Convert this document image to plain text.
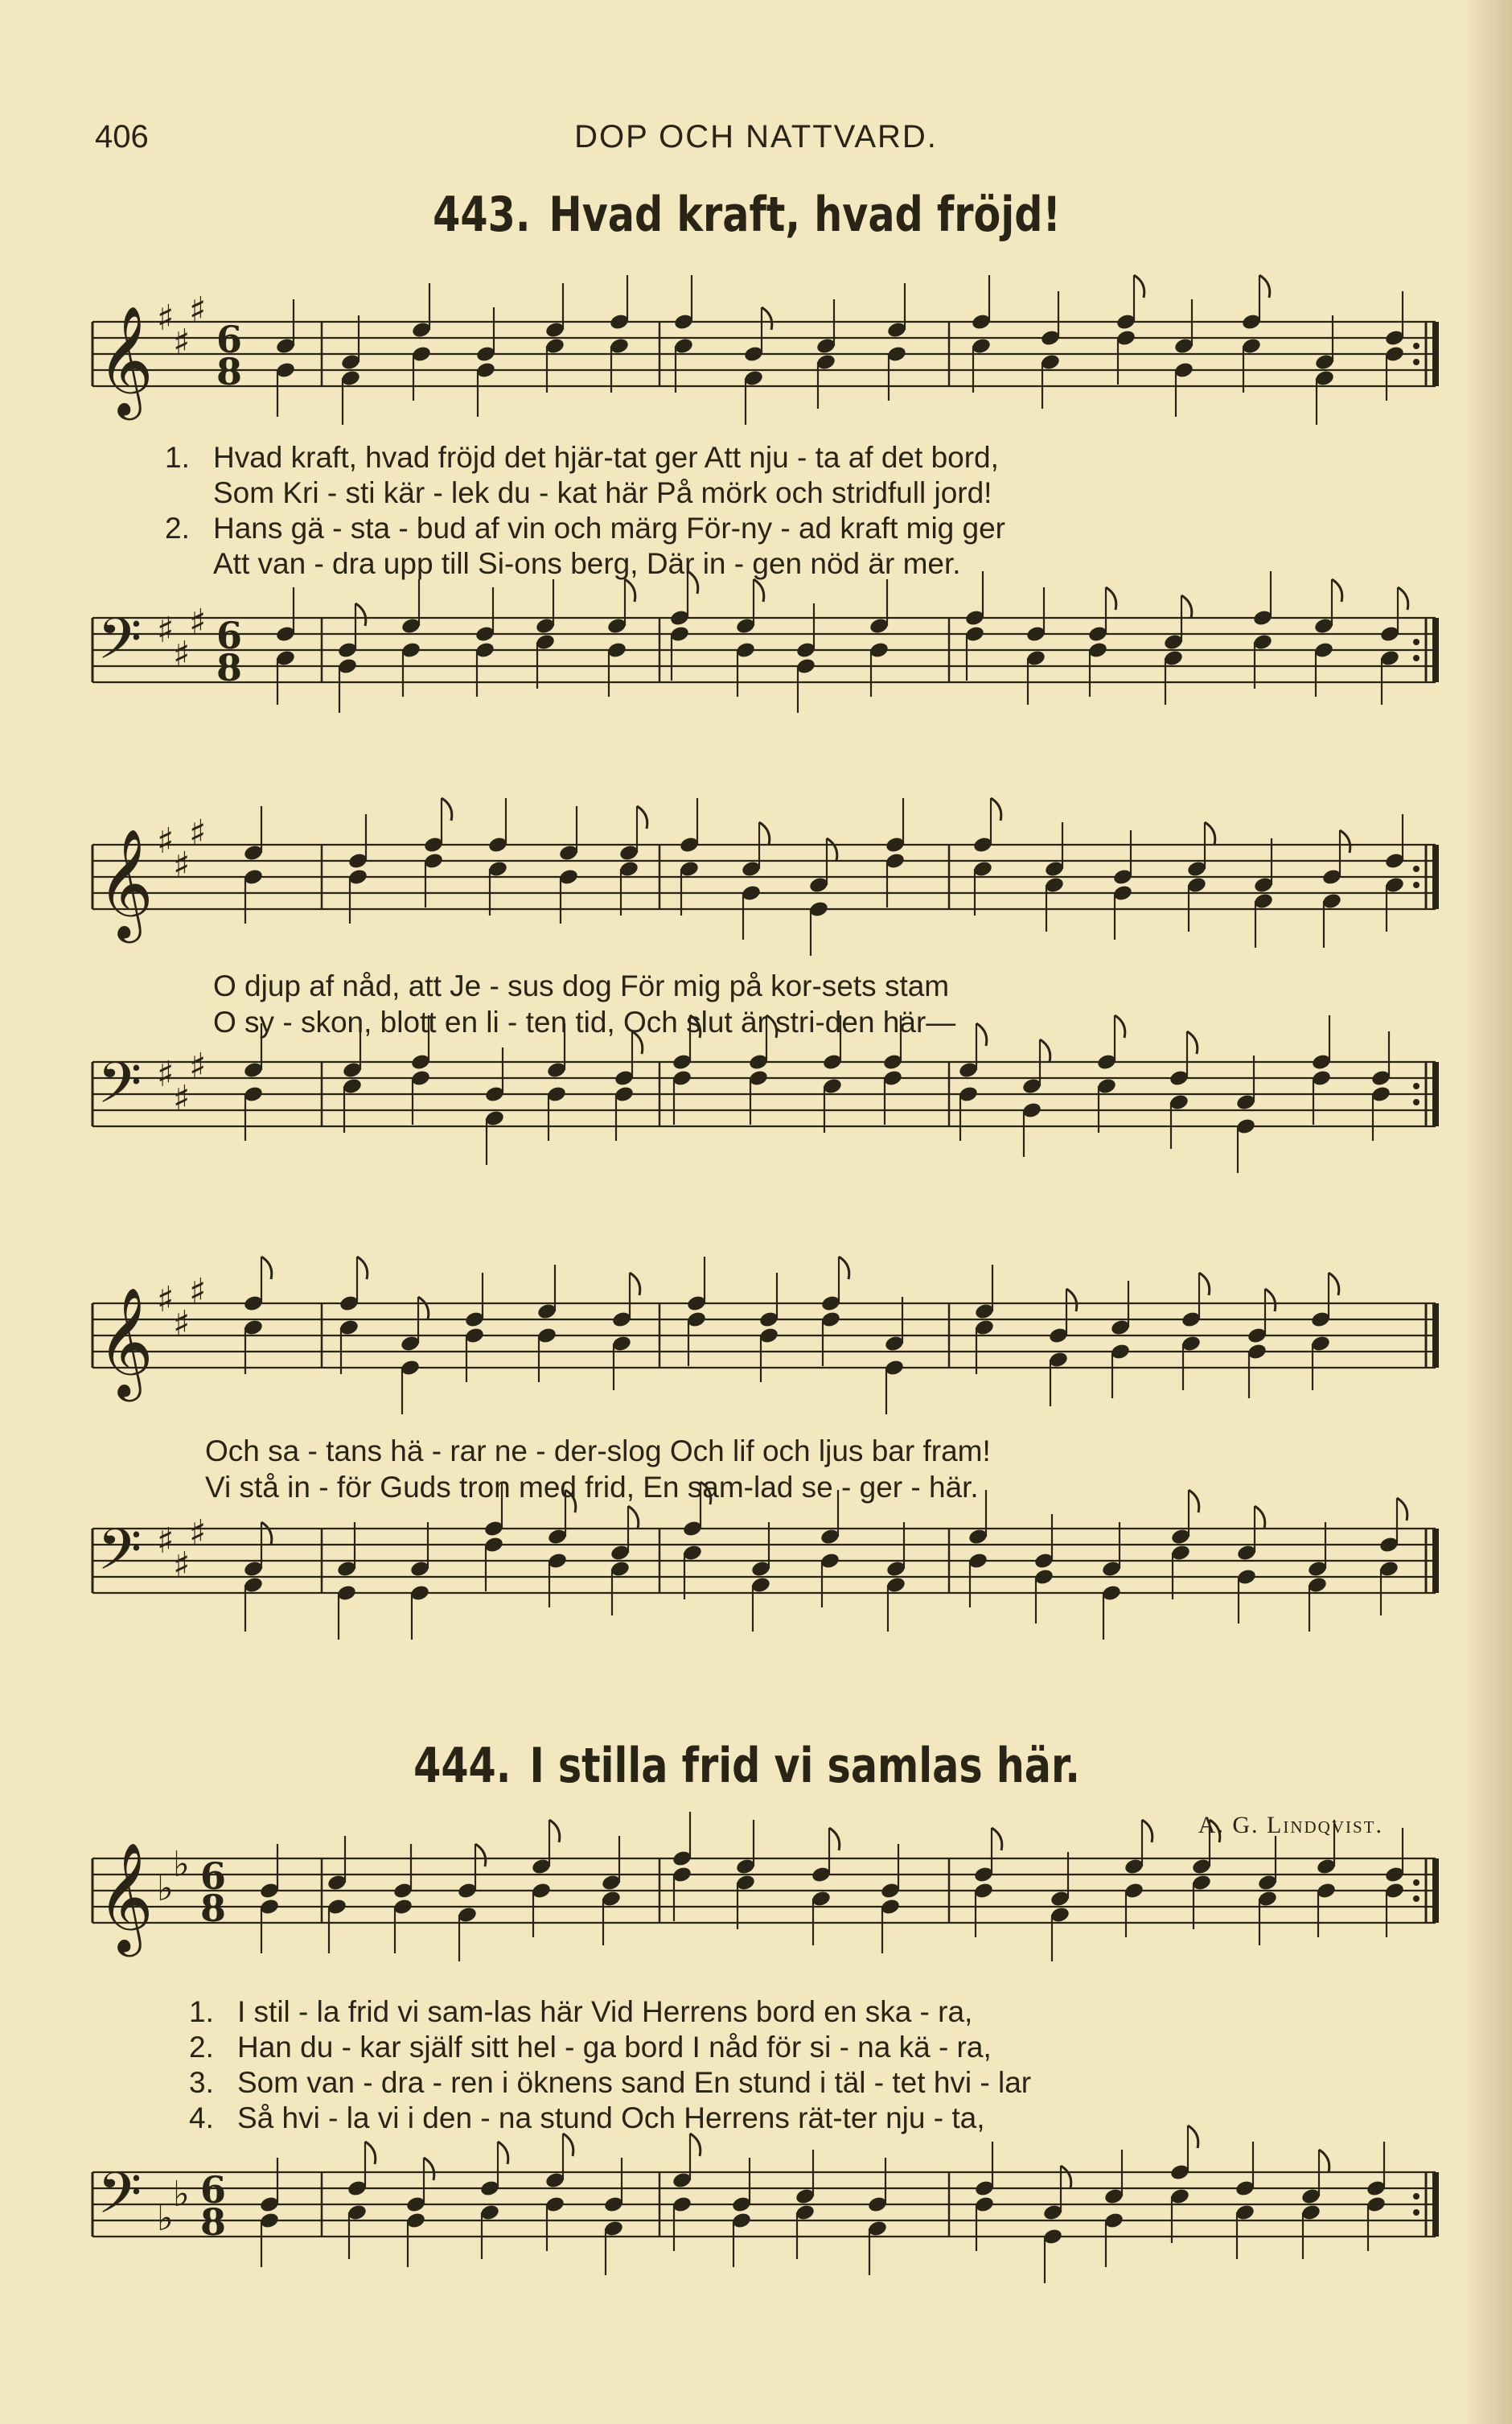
406	DOP OCH NATTVARD.
443. Hvad kraft, hvad fröjd!
𝄞 ♯
♯
♯
6
8
1. Hvad kraft, hvad fröjd det hjär-tat ger Att nju - ta af det bord,
Som Kri - sti kär - lek du - kat här På mörk och stridfull jord!
2. Hans gä - sta - bud af vin och märg För-ny - ad kraft mig ger
Att van - dra upp till Si-ons berg, Där in - gen nöd är mer.
𝄢 ♯
♯
♯ 6
8
𝄞 ♯
♯
♯
O djup af nåd, att Je - sus dog För mig på kor-sets stam
O sy - skon, blott en li - ten tid, Och slut är stri-den här—
𝄢 ♯
♯
♯
𝄞 ♯
♯
♯
Och sa - tans hä - rar ne - der-slog Och lif och ljus bar fram!
Vi stå in - för Guds tron med frid, En sam-lad se - ger - här.
𝄢 ♯
♯
♯
444. I stilla frid vi samlas här.
A. G. Lindqvist.
𝄞 ♭
♭ 6
8
1. I stil - la frid vi sam-las här Vid Herrens bord en ska - ra,
2. Han du - kar själf sitt hel - ga bord I nåd för si - na kä - ra,
3. Som van - dra - ren i öknens sand En stund i täl - tet hvi - lar
4. Så hvi - la vi i den - na stund Och Herrens rät-ter nju - ta,
𝄢 ♭
♭ 6
8
